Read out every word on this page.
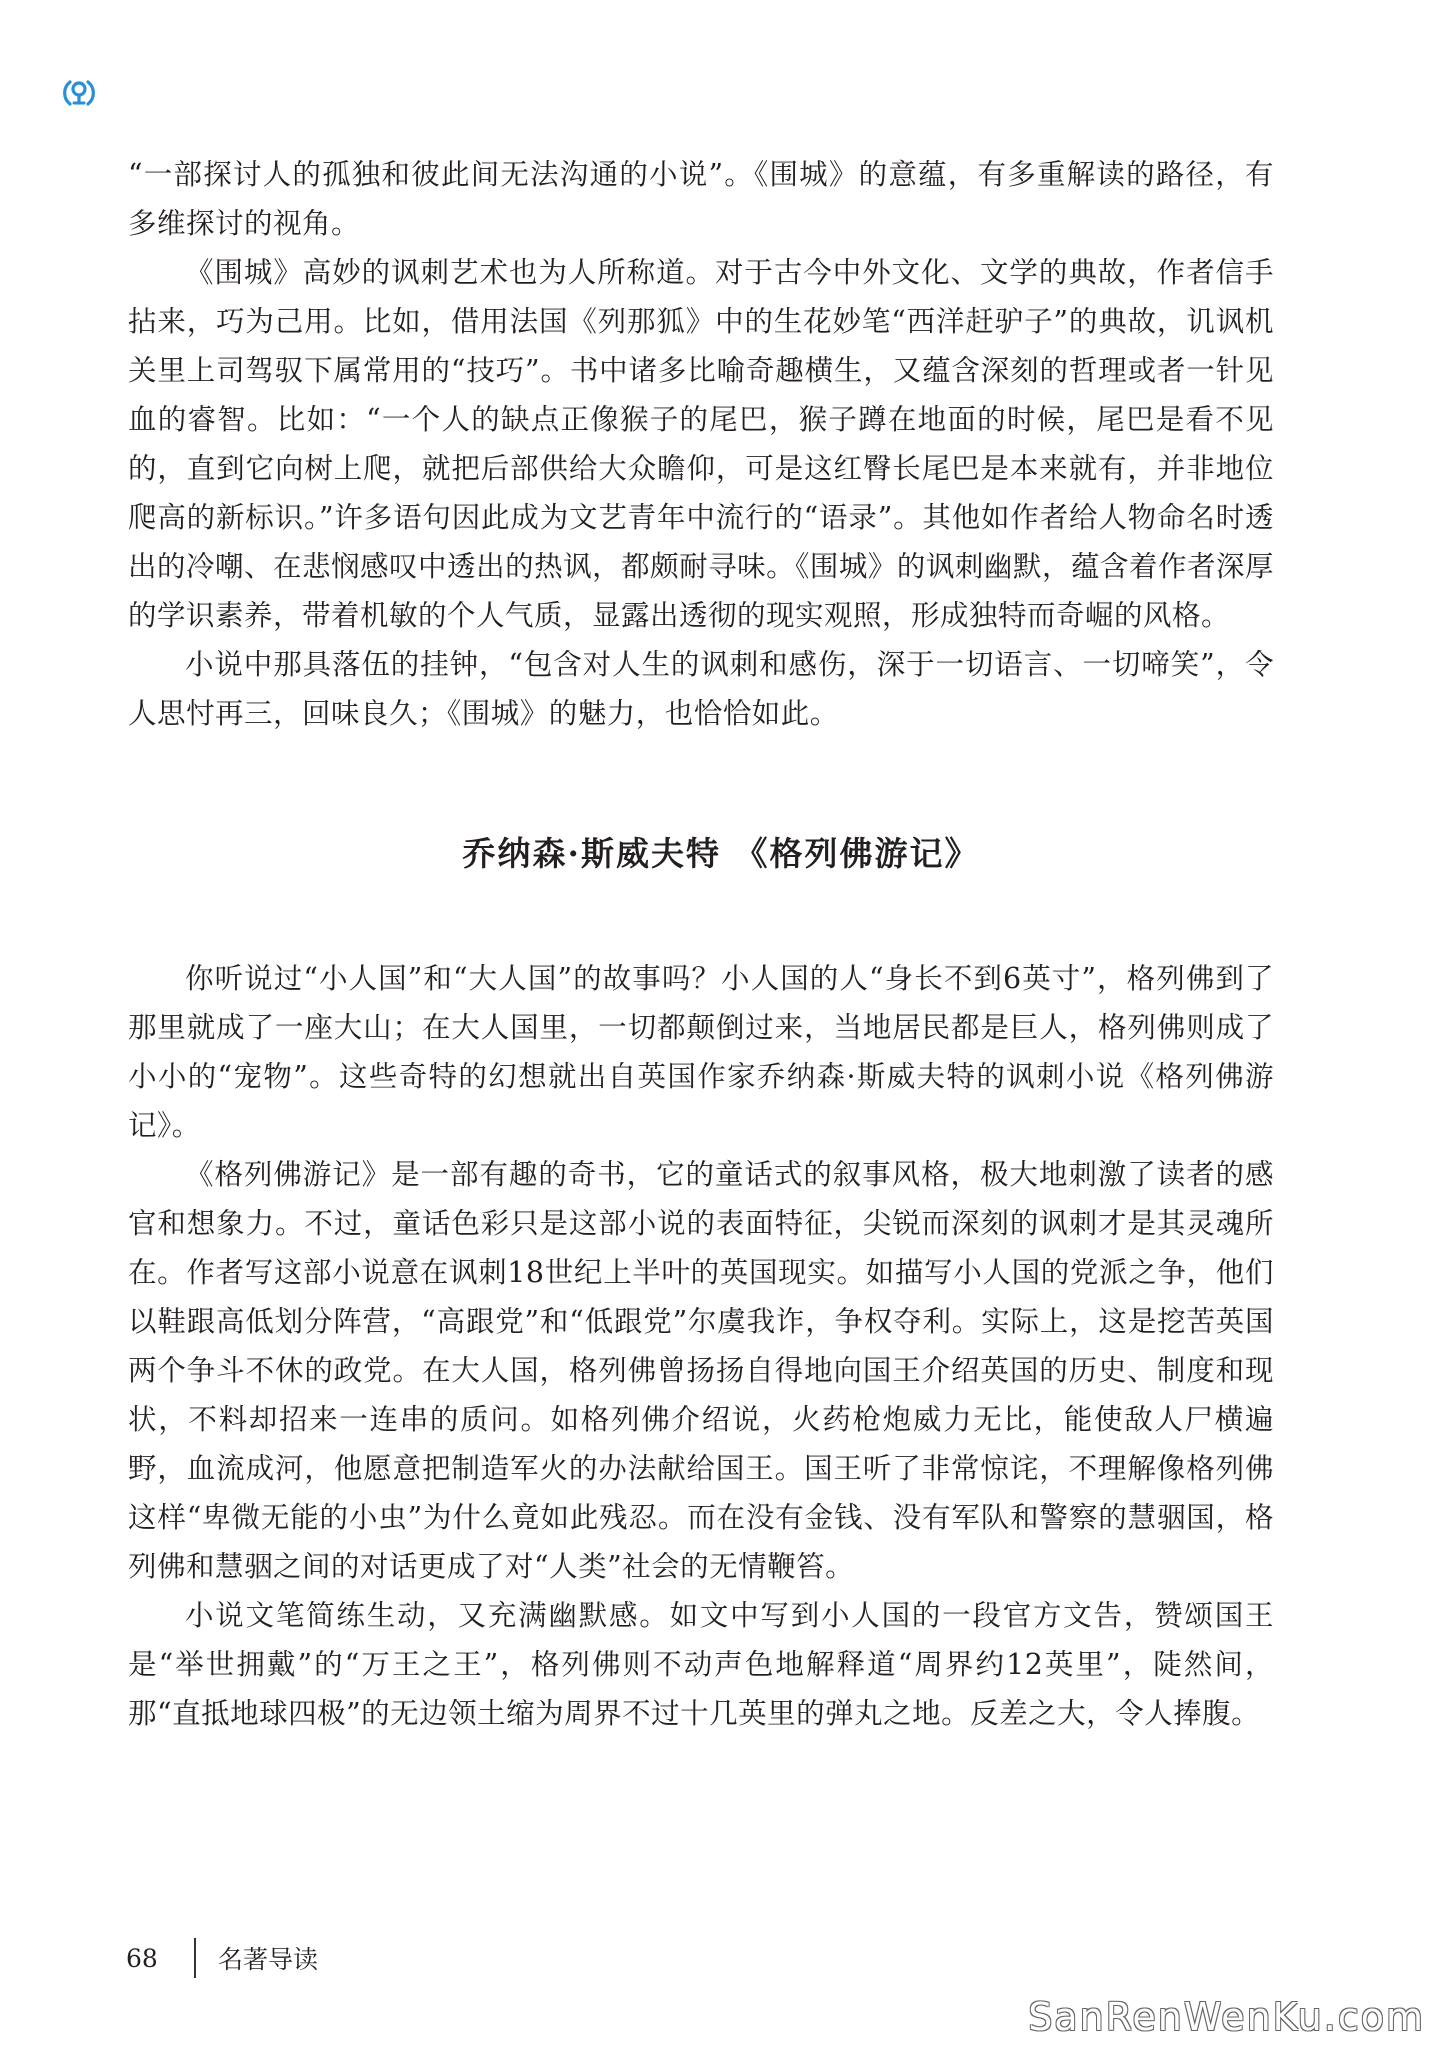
“一部探讨人的孤独和彼此间无法沟通的小说”。《围城》的意蕴，有多重解读的路径，有多维探讨的视角。

《围城》高妙的讽刺艺术也为人所称道。对于古今中外文化、文学的典故，作者信手拈来，巧为己用。比如，借用法国《列那狐》中的生花妙笔“西洋赶驴子”的典故，讥讽机关里上司驾驭下属常用的“技巧”。书中诸多比喻奇趣横生，又蕴含深刻的哲理或者一针见血的睿智。比如：“一个人的缺点正像猴子的尾巴，猴子蹲在地面的时候，尾巴是看不见的，直到它向树上爬，就把后部供给大众瞻仰，可是这红臀长尾巴是本来就有，并非地位爬高的新标识。”许多语句因此成为文艺青年中流行的“语录”。其他如作者给人物命名时透出的冷嘲、在悲悯感叹中透出的热讽，都颇耐寻味。《围城》的讽刺幽默，蕴含着作者深厚的学识素养，带着机敏的个人气质，显露出透彻的现实观照，形成独特而奇崛的风格。

小说中那具落伍的挂钟，“包含对人生的讽刺和感伤，深于一切语言、一切啼笑”，令人思忖再三，回味良久；《围城》的魅力，也恰恰如此。

乔纳森·斯威夫特 《格列佛游记》

你听说过“小人国”和“大人国”的故事吗？小人国的人“身长不到6英寸”，格列佛到了那里就成了一座大山；在大人国里，一切都颠倒过来，当地居民都是巨人，格列佛则成了小小的“宠物”。这些奇特的幻想就出自英国作家乔纳森·斯威夫特的讽刺小说《格列佛游记》。

《格列佛游记》是一部有趣的奇书，它的童话式的叙事风格，极大地刺激了读者的感官和想象力。不过，童话色彩只是这部小说的表面特征，尖锐而深刻的讽刺才是其灵魂所在。作者写这部小说意在讽刺18世纪上半叶的英国现实。如描写小人国的党派之争，他们以鞋跟高低划分阵营，“高跟党”和“低跟党”尔虞我诈，争权夺利。实际上，这是挖苦英国两个争斗不休的政党。在大人国，格列佛曾扬扬自得地向国王介绍英国的历史、制度和现状，不料却招来一连串的质问。如格列佛介绍说，火药枪炮威力无比，能使敌人尸横遍野，血流成河，他愿意把制造军火的办法献给国王。国王听了非常惊诧，不理解像格列佛这样“卑微无能的小虫”为什么竟如此残忍。而在没有金钱、没有军队和警察的慧骃国，格列佛和慧骃之间的对话更成了对“人类”社会的无情鞭笞。

小说文笔简练生动，又充满幽默感。如文中写到小人国的一段官方文告，赞颂国王是“举世拥戴”的“万王之王”，格列佛则不动声色地解释道“周界约12英里”，陡然间，那“直抵地球四极”的无边领土缩为周界不过十几英里的弹丸之地。反差之大，令人捧腹。

68	名著导读
SanRenWenKu.com
